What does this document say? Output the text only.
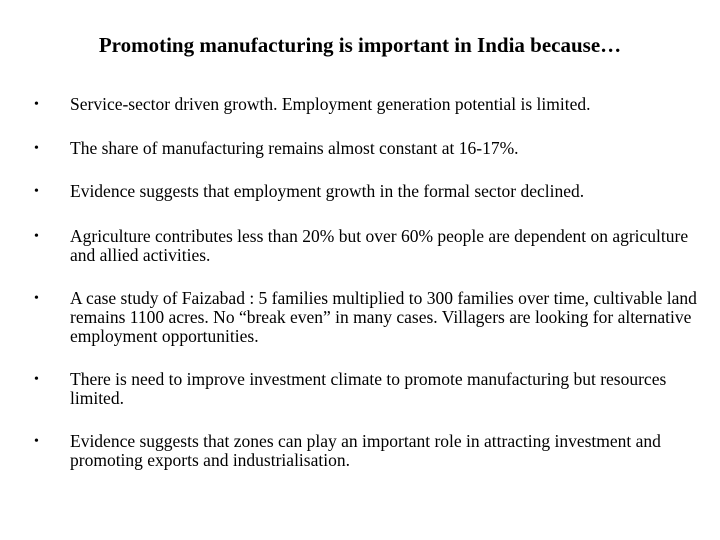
Promoting manufacturing is important in India because…
•	Service-sector driven growth. Employment generation potential is limited.
•	The share of manufacturing remains almost constant at 16-17%.
•	Evidence suggests that employment growth in the formal sector declined.
•	Agriculture contributes less than 20% but over 60% people are dependent on agriculture and allied activities.
•	A case study of Faizabad : 5 families multiplied to 300 families over time, cultivable land remains 1100 acres. No “break even” in many cases. Villagers are looking for alternative employment opportunities.
•	There is need to improve investment climate to promote manufacturing but resources limited.
•	Evidence suggests that zones can play an important role in attracting investment and promoting exports and industrialisation.
